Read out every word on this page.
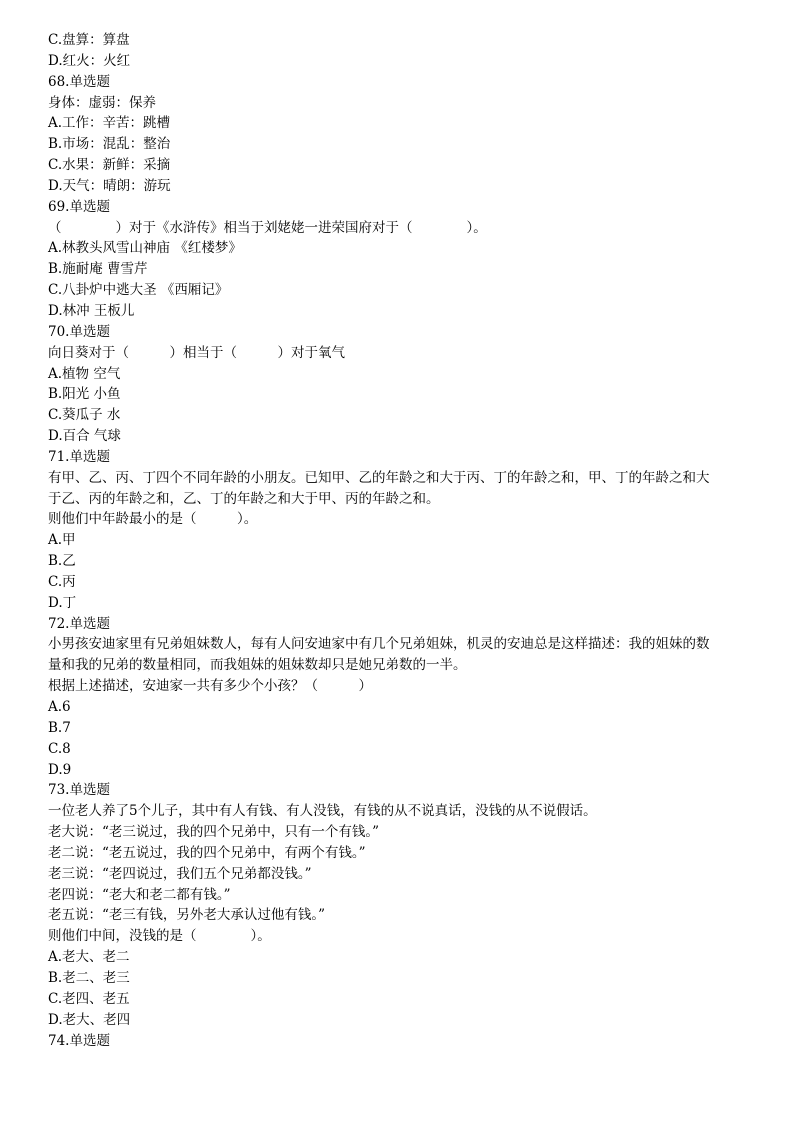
C.盘算：算盘
D.红火：火红
68.单选题
身体：虚弱：保养
A.工作：辛苦：跳槽
B.市场：混乱：整治
C.水果：新鲜：采摘
D.天气：晴朗：游玩
69.单选题
（　　　　）对于《水浒传》相当于刘姥姥一进荣国府对于（　　　　）。
A.林教头风雪山神庙 《红楼梦》
B.施耐庵 曹雪芹
C.八卦炉中逃大圣 《西厢记》
D.林冲 王板儿
70.单选题
向日葵对于（　　　）相当于（　　　）对于氧气
A.植物 空气
B.阳光 小鱼
C.葵瓜子 水
D.百合 气球
71.单选题
有甲、乙、丙、丁四个不同年龄的小朋友。已知甲、乙的年龄之和大于丙、丁的年龄之和，甲、丁的年龄之和大
于乙、丙的年龄之和，乙、丁的年龄之和大于甲、丙的年龄之和。
则他们中年龄最小的是（　　　）。
A.甲
B.乙
C.丙
D.丁
72.单选题
小男孩安迪家里有兄弟姐妹数人，每有人问安迪家中有几个兄弟姐妹，机灵的安迪总是这样描述：我的姐妹的数
量和我的兄弟的数量相同，而我姐妹的姐妹数却只是她兄弟数的一半。
根据上述描述，安迪家一共有多少个小孩？（　　　）
A.6
B.7
C.8
D.9
73.单选题
一位老人养了5个儿子，其中有人有钱、有人没钱，有钱的从不说真话，没钱的从不说假话。
老大说：“老三说过，我的四个兄弟中，只有一个有钱。”
老二说：“老五说过，我的四个兄弟中，有两个有钱。”
老三说：“老四说过，我们五个兄弟都没钱。”
老四说：“老大和老二都有钱。”
老五说：“老三有钱，另外老大承认过他有钱。”
则他们中间，没钱的是（　　　　）。
A.老大、老二
B.老二、老三
C.老四、老五
D.老大、老四
74.单选题
